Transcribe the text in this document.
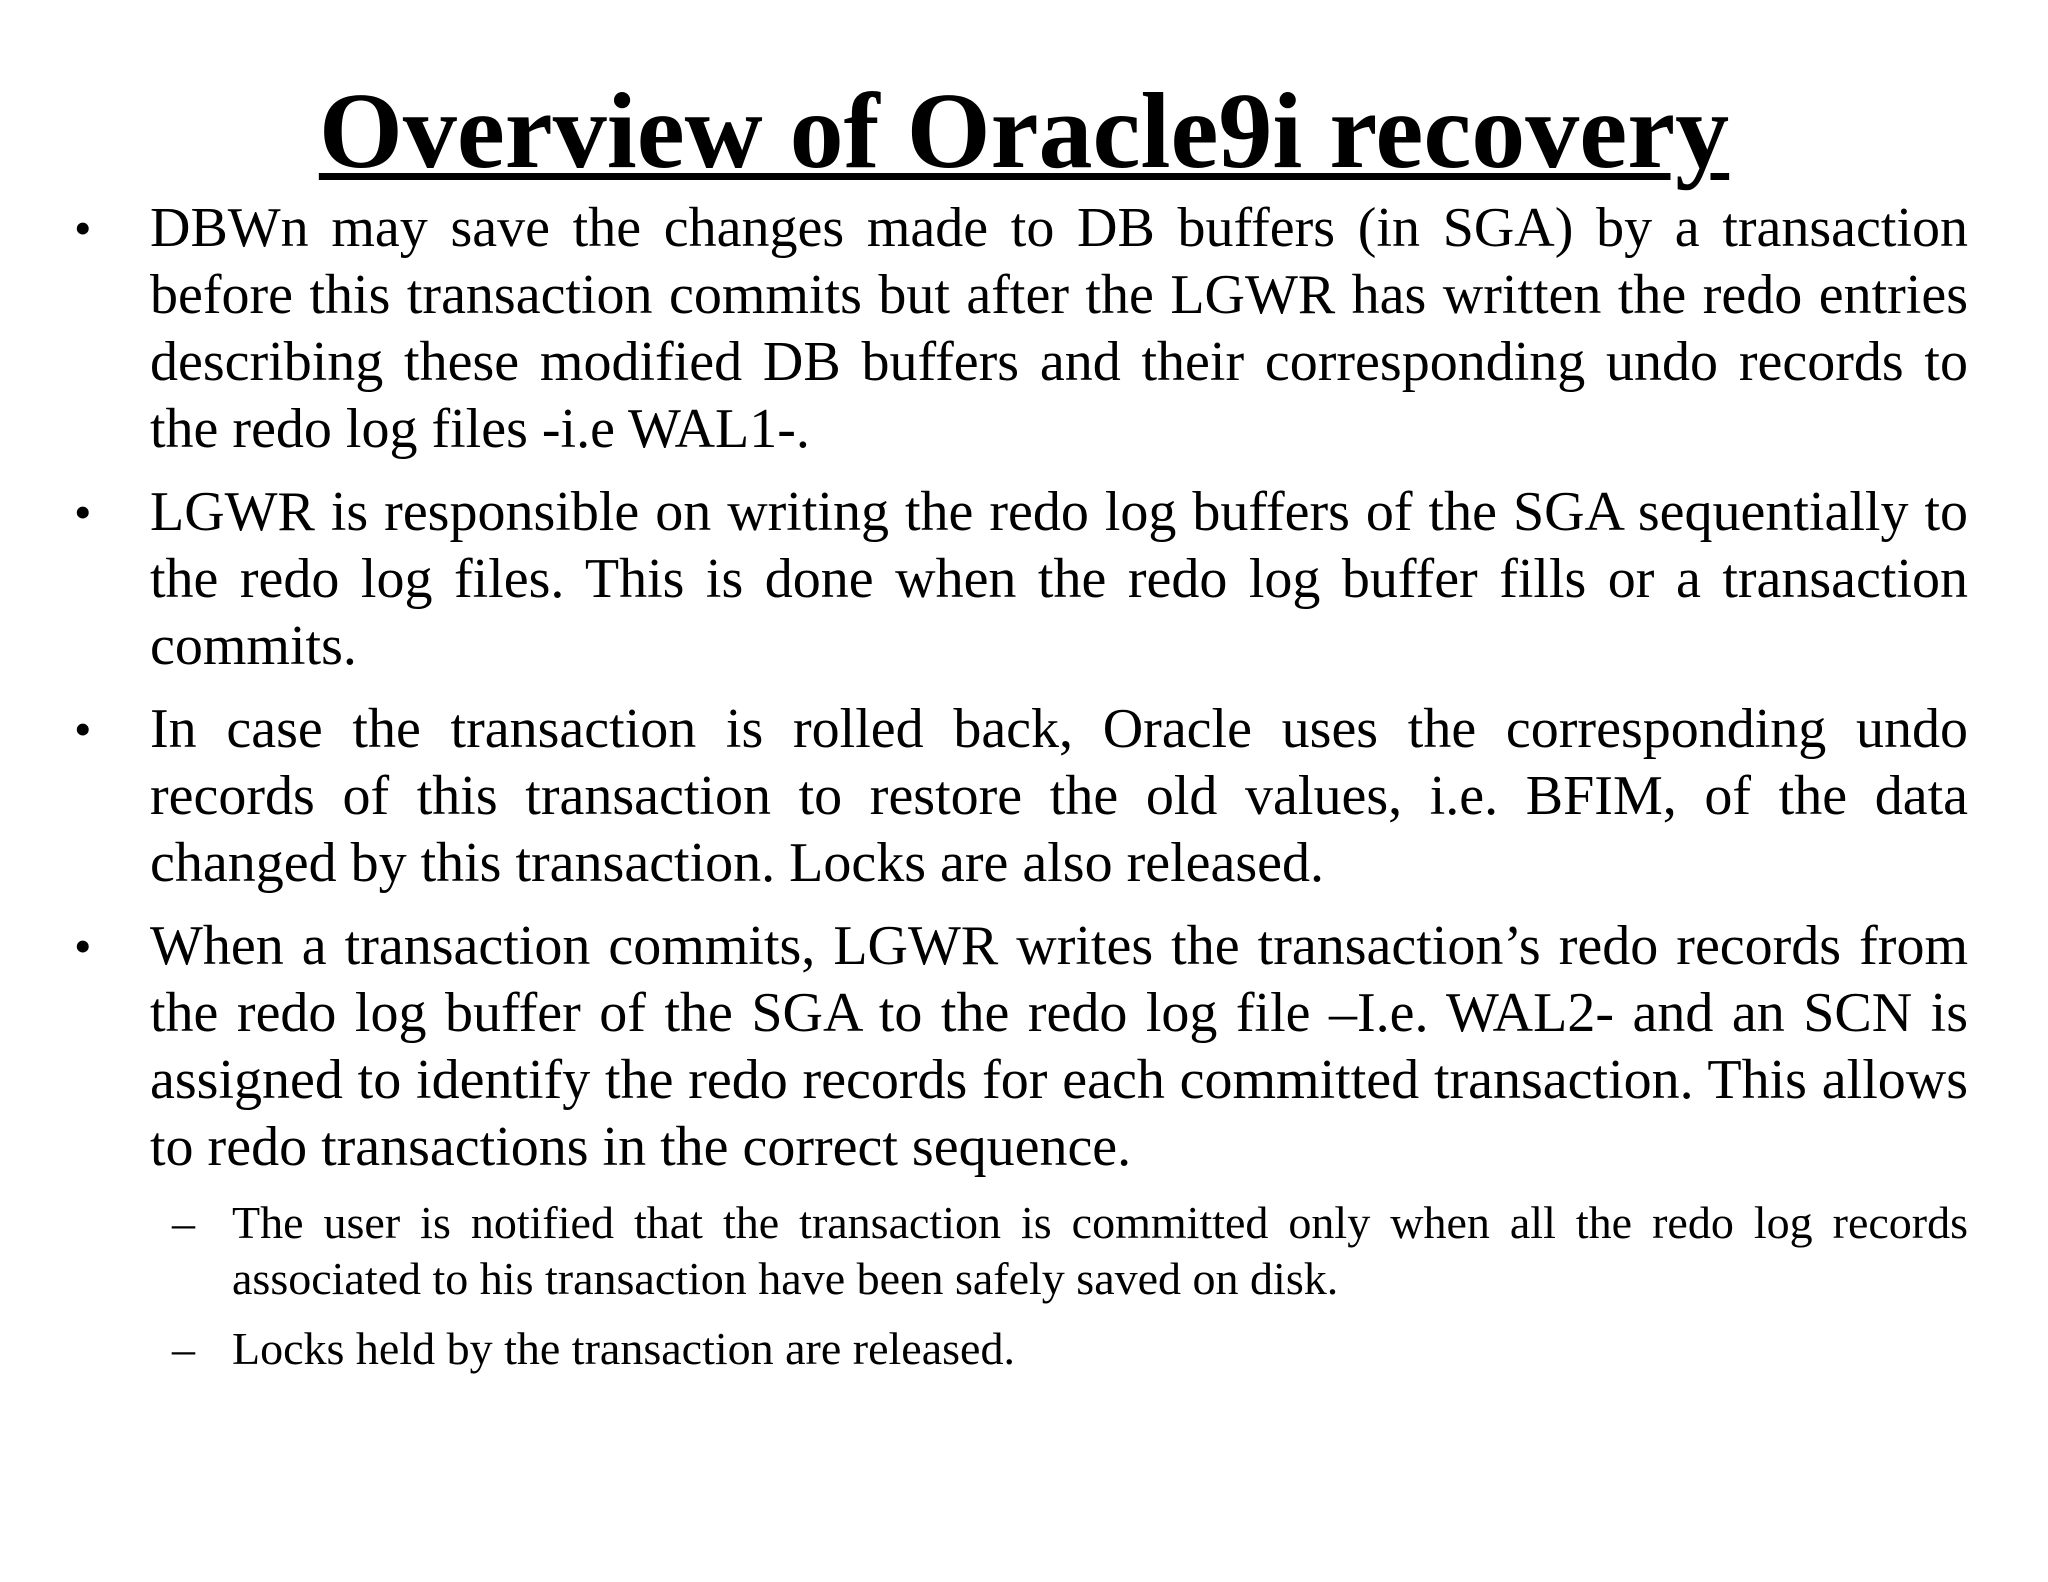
Overview of Oracle9i recovery
• DBWn may save the changes made to DB buffers (in SGA) by a transaction before this transaction commits but after the LGWR has written the redo entries describing these modified DB buffers and their corresponding undo records to the redo log files -i.e WAL1-.
• LGWR is responsible on writing the redo log buffers of the SGA sequentially to the redo log files. This is done when the redo log buffer fills or a transaction commits.
• In case the transaction is rolled back, Oracle uses the corresponding undo records of this transaction to restore the old values, i.e. BFIM, of the data changed by this transaction. Locks are also released.
• When a transaction commits, LGWR writes the transaction’s redo records from the redo log buffer of the SGA to the redo log file –I.e. WAL2- and an SCN is assigned to identify the redo records for each committed transaction. This allows to redo transactions in the correct sequence.
– The user is notified that the transaction is committed only when all the redo log records associated to his transaction have been safely saved on disk.
– Locks held by the transaction are released.
